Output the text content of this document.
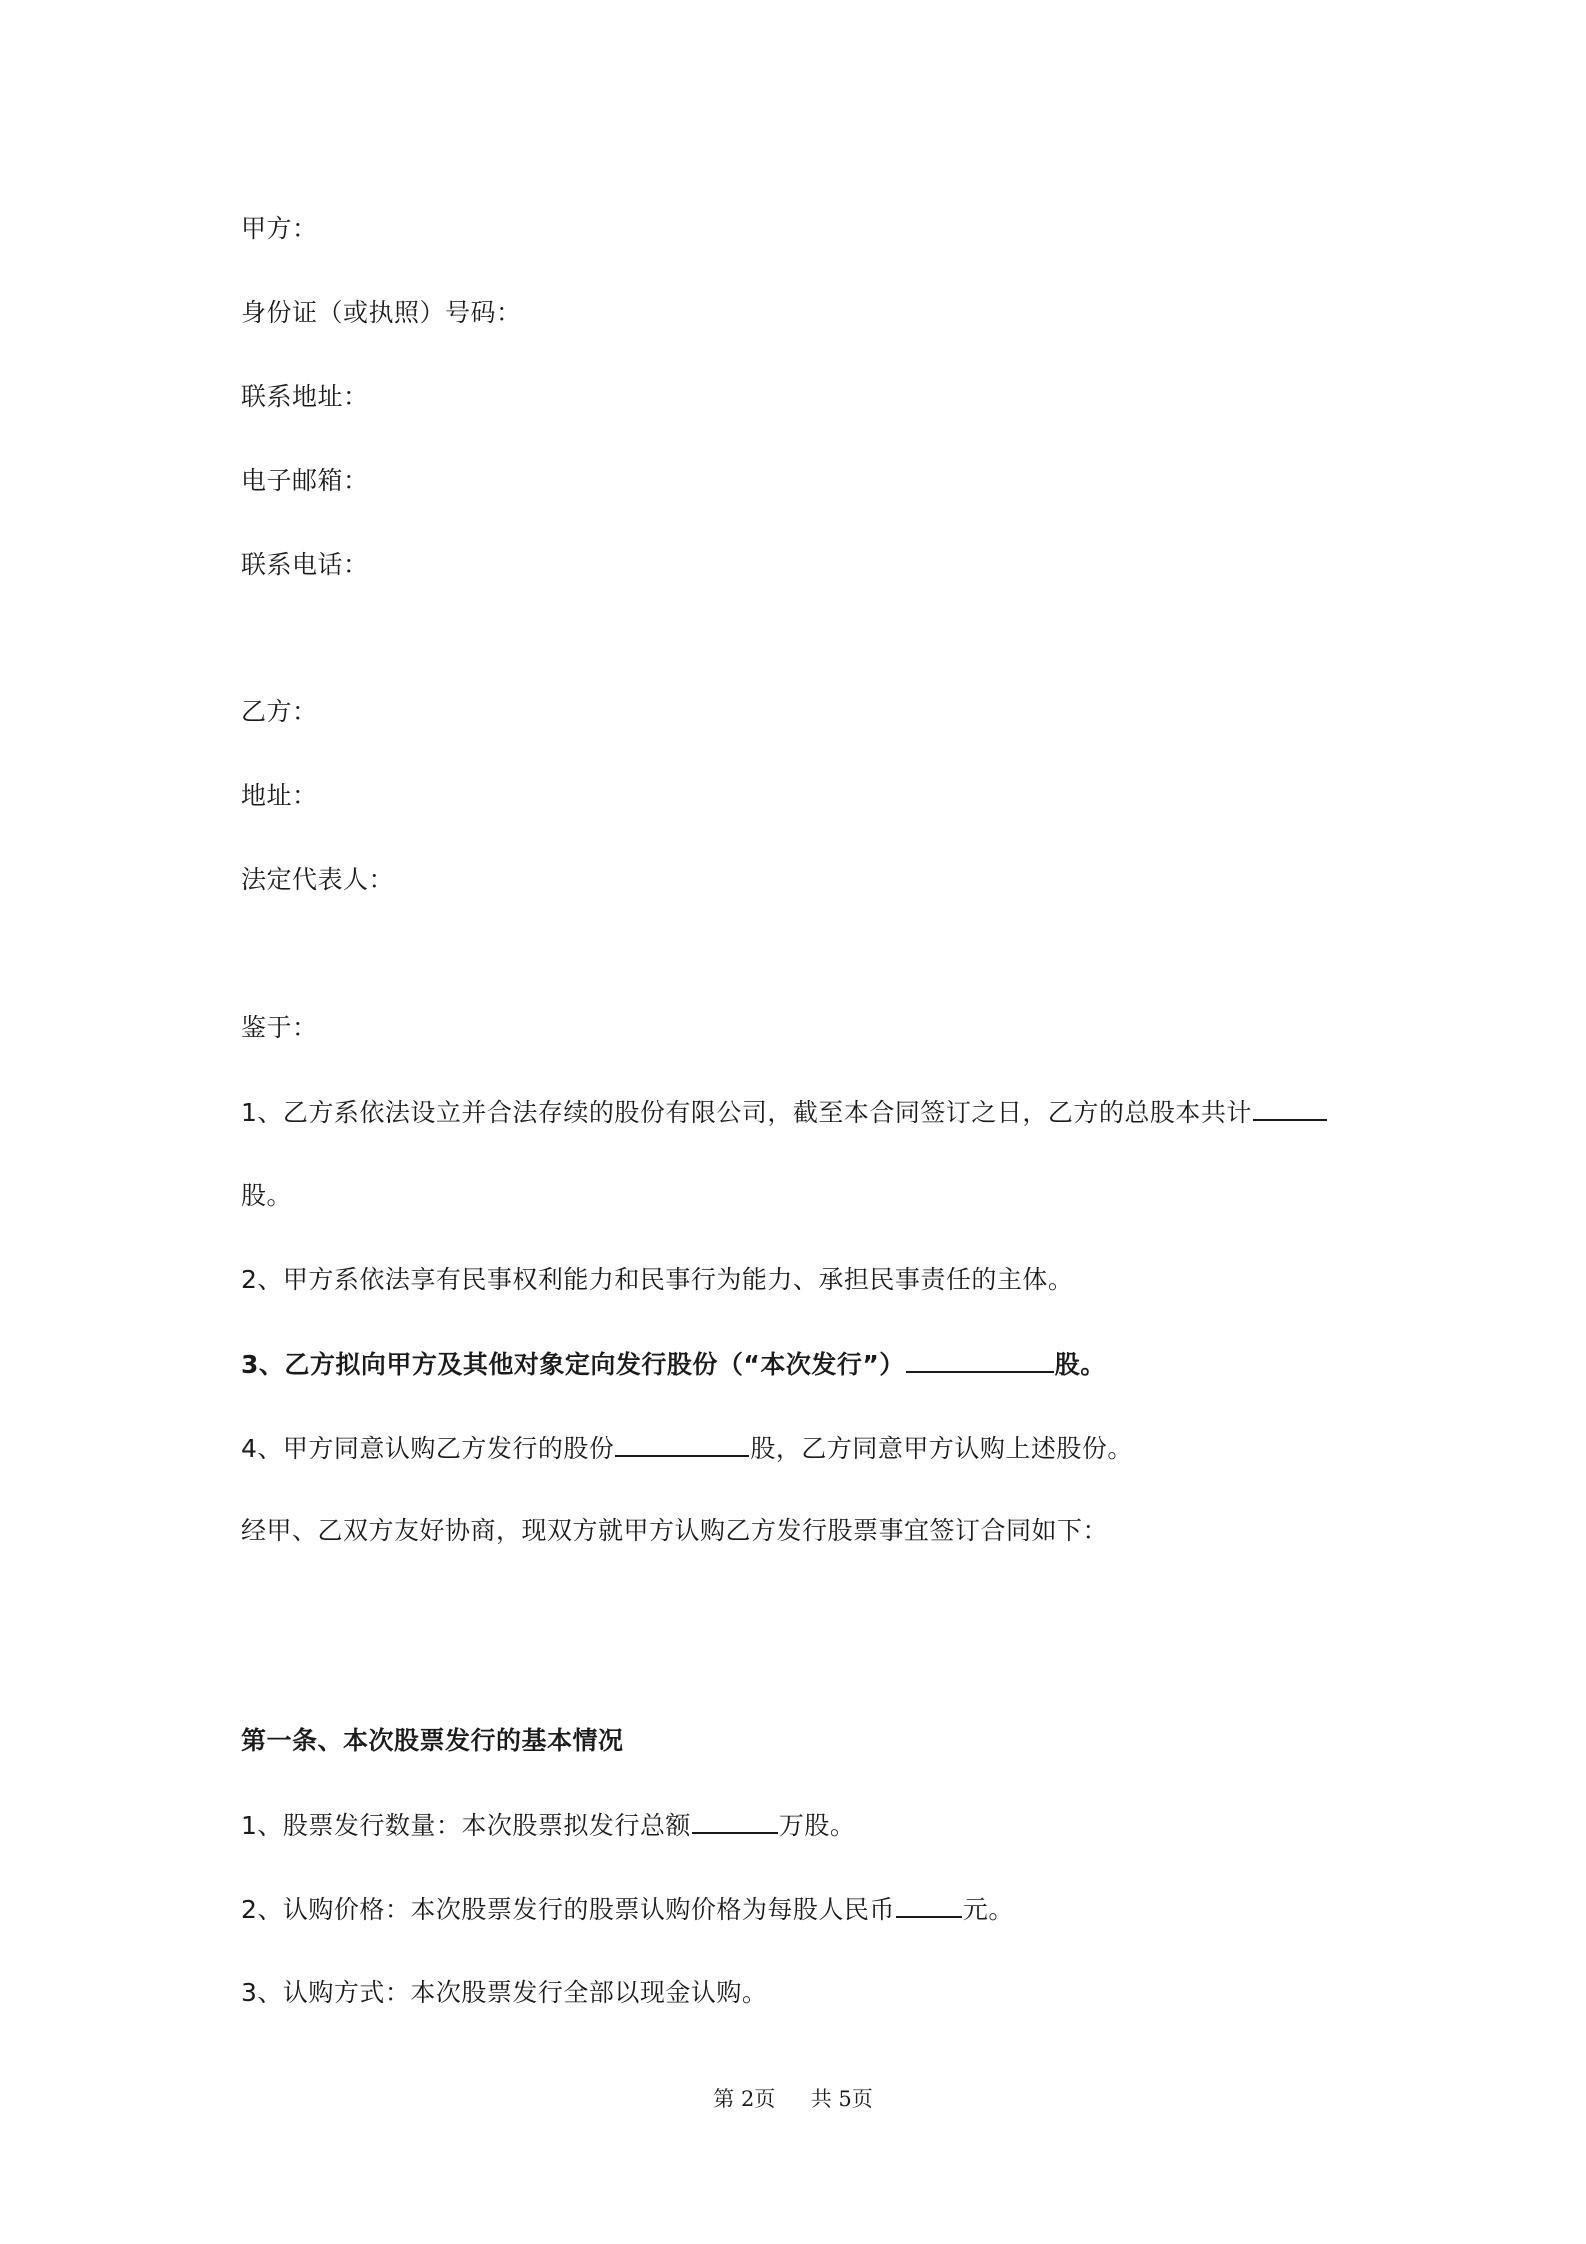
甲方：
身份证（或执照）号码：
联系地址：
电子邮箱：
联系电话：
乙方：
地址：
法定代表人：
鉴于：
1、乙方系依法设立并合法存续的股份有限公司，截至本合同签订之日，乙方的总股本共计
股。
2、甲方系依法享有民事权利能力和民事行为能力、承担民事责任的主体。
3、乙方拟向甲方及其他对象定向发行股份（“本次发行”）	股。
4、甲方同意认购乙方发行的股份	股，乙方同意甲方认购上述股份。
经甲、乙双方友好协商，现双方就甲方认购乙方发行股票事宜签订合同如下：
第一条、本次股票发行的基本情况
1、股票发行数量：本次股票拟发行总额	万股。
2、认购价格：本次股票发行的股票认购价格为每股人民币	元。
3、认购方式：本次股票发行全部以现金认购。
第 2页 共 5页
